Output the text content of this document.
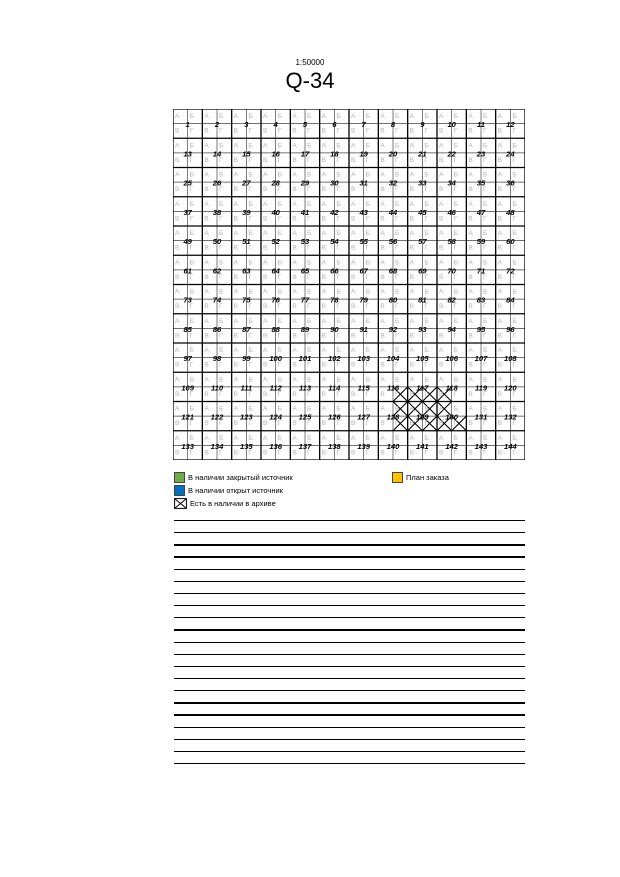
1:50000
Q-34
А Б
В Г
1
А Б
В Г
2
А Б
В Г
3
А Б
В Г
4
А Б
В Г
5
А Б
В Г
6
А Б
В Г
7
А Б
В Г
8
А Б
В Г
9
А Б
В Г
10
А Б
В Г
11
А Б
В Г
12
А Б
В Г
13
А Б
В Г
14
А Б
В Г
15
А Б
В Г
16
А Б
В Г
17
А Б
В Г
18
А Б
В Г
19
А Б
В Г
20
А Б
В Г
21
А Б
В Г
22
А Б
В Г
23
А Б
В Г
24
А Б
В Г
25
А Б
В Г
26
А Б
В Г
27
А Б
В Г
28
А Б
В Г
29
А Б
В Г
30
А Б
В Г
31
А Б
В Г
32
А Б
В Г
33
А Б
В Г
34
А Б
В Г
35
А Б
В Г
36
А Б
В Г
37
А Б
В Г
38
А Б
В Г
39
А Б
В Г
40
А Б
В Г
41
А Б
В Г
42
А Б
В Г
43
А Б
В Г
44
А Б
В Г
45
А Б
В Г
46
А Б
В Г
47
А Б
В Г
48
А Б
В Г
49
А Б
В Г
50
А Б
В Г
51
А Б
В Г
52
А Б
В Г
53
А Б
В Г
54
А Б
В Г
55
А Б
В Г
56
А Б
В Г
57
А Б
В Г
58
А Б
В Г
59
А Б
В Г
60
А Б
В Г
61
А Б
В Г
62
А Б
В Г
63
А Б
В Г
64
А Б
В Г
65
А Б
В Г
66
А Б
В Г
67
А Б
В Г
68
А Б
В Г
69
А Б
В Г
70
А Б
В Г
71
А Б
В Г
72
А Б
В Г
73
А Б
В Г
74
А Б
В Г
75
А Б
В Г
76
А Б
В Г
77
А Б
В Г
78
А Б
В Г
79
А Б
В Г
80
А Б
В Г
81
А Б
В Г
82
А Б
В Г
83
А Б
В Г
84
А Б
В Г
85
А Б
В Г
86
А Б
В Г
87
А Б
В Г
88
А Б
В Г
89
А Б
В Г
90
А Б
В Г
91
А Б
В Г
92
А Б
В Г
93
А Б
В Г
94
А Б
В Г
95
А Б
В Г
96
А Б
В Г
97
А Б
В Г
98
А Б
В Г
99
А Б
В Г
100
А Б
В Г
101
А Б
В Г
102
А Б
В Г
103
А Б
В Г
104
А Б
В Г
105
А Б
В Г
106
А Б
В Г
107
А Б
В Г
108
А Б
В Г
109
А Б
В Г
110
А Б
В Г
111
А Б
В Г
112
А Б
В Г
113
А Б
В Г
114
А Б
В Г
115
А Б
В Г
116
А Б
В Г
117
А Б
В Г
118
А Б
В Г
119
А Б
В Г
120
А Б
В Г
121
А Б
В Г
122
А Б
В Г
123
А Б
В Г
124
А Б
В Г
125
А Б
В Г
126
А Б
В Г
127
А Б
В Г
128
А Б
В Г
129
А Б
В Г
130
А Б
В Г
131
А Б
В Г
132
А Б
В Г
133
А Б
В Г
134
А Б
В Г
135
А Б
В Г
136
А Б
В Г
137
А Б
В Г
138
А Б
В Г
139
А Б
В Г
140
А Б
В Г
141
А Б
В Г
142
А Б
В Г
143
А Б
В Г
144
В наличии закрытый источник
В наличии открыт источник
Есть в наличии в архиве
План заказа
